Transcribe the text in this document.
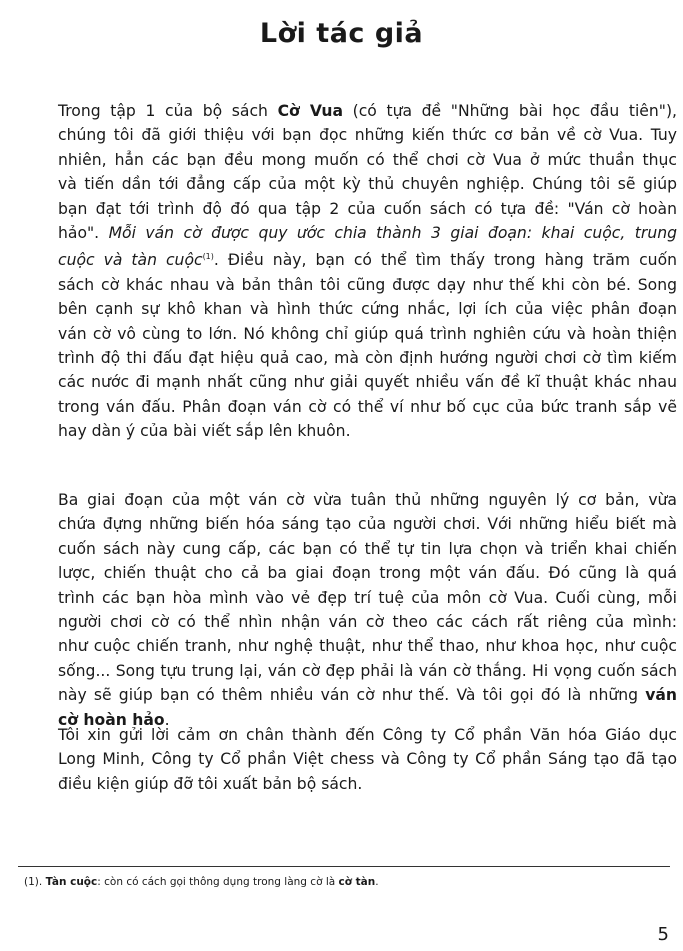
Lời tác giả
Trong tập 1 của bộ sách Cờ Vua (có tựa đề "Những bài học đầu tiên"),
chúng tôi đã giới thiệu với bạn đọc những kiến thức cơ bản về cờ Vua. Tuy
nhiên, hẳn các bạn đều mong muốn có thể chơi cờ Vua ở mức thuần thục
và tiến dần tới đẳng cấp của một kỳ thủ chuyên nghiệp. Chúng tôi sẽ giúp
bạn đạt tới trình độ đó qua tập 2 của cuốn sách có tựa đề: "Ván cờ hoàn
hảo". Mỗi ván cờ được quy ước chia thành 3 giai đoạn: khai cuộc, trung
cuộc và tàn cuộc$^{(1)}$. Điều này, bạn có thể tìm thấy trong hàng trăm cuốn
sách cờ khác nhau và bản thân tôi cũng được dạy như thế khi còn bé. Song
bên cạnh sự khô khan và hình thức cứng nhắc, lợi ích của việc phân đoạn
ván cờ vô cùng to lớn. Nó không chỉ giúp quá trình nghiên cứu và hoàn thiện
trình độ thi đấu đạt hiệu quả cao, mà còn định hướng người chơi cờ tìm kiếm
các nước đi mạnh nhất cũng như giải quyết nhiều vấn đề kĩ thuật khác nhau
trong ván đấu. Phân đoạn ván cờ có thể ví như bố cục của bức tranh sắp vẽ
hay dàn ý của bài viết sắp lên khuôn.
Ba giai đoạn của một ván cờ vừa tuân thủ những nguyên lý cơ bản, vừa
chứa đựng những biến hóa sáng tạo của người chơi. Với những hiểu biết mà
cuốn sách này cung cấp, các bạn có thể tự tin lựa chọn và triển khai chiến
lược, chiến thuật cho cả ba giai đoạn trong một ván đấu. Đó cũng là quá
trình các bạn hòa mình vào vẻ đẹp trí tuệ của môn cờ Vua. Cuối cùng, mỗi
người chơi cờ có thể nhìn nhận ván cờ theo các cách rất riêng của mình:
như cuộc chiến tranh, như nghệ thuật, như thể thao, như khoa học, như cuộc
sống... Song tựu trung lại, ván cờ đẹp phải là ván cờ thắng. Hi vọng cuốn sách
này sẽ giúp bạn có thêm nhiều ván cờ như thế. Và tôi gọi đó là những ván
cờ hoàn hảo.
Tôi xin gửi lời cảm ơn chân thành đến Công ty Cổ phần Văn hóa Giáo dục
Long Minh, Công ty Cổ phần Việt chess và Công ty Cổ phần Sáng tạo đã tạo
điều kiện giúp đỡ tôi xuất bản bộ sách.
(1). Tàn cuộc: còn có cách gọi thông dụng trong làng cờ là cờ tàn.
5
